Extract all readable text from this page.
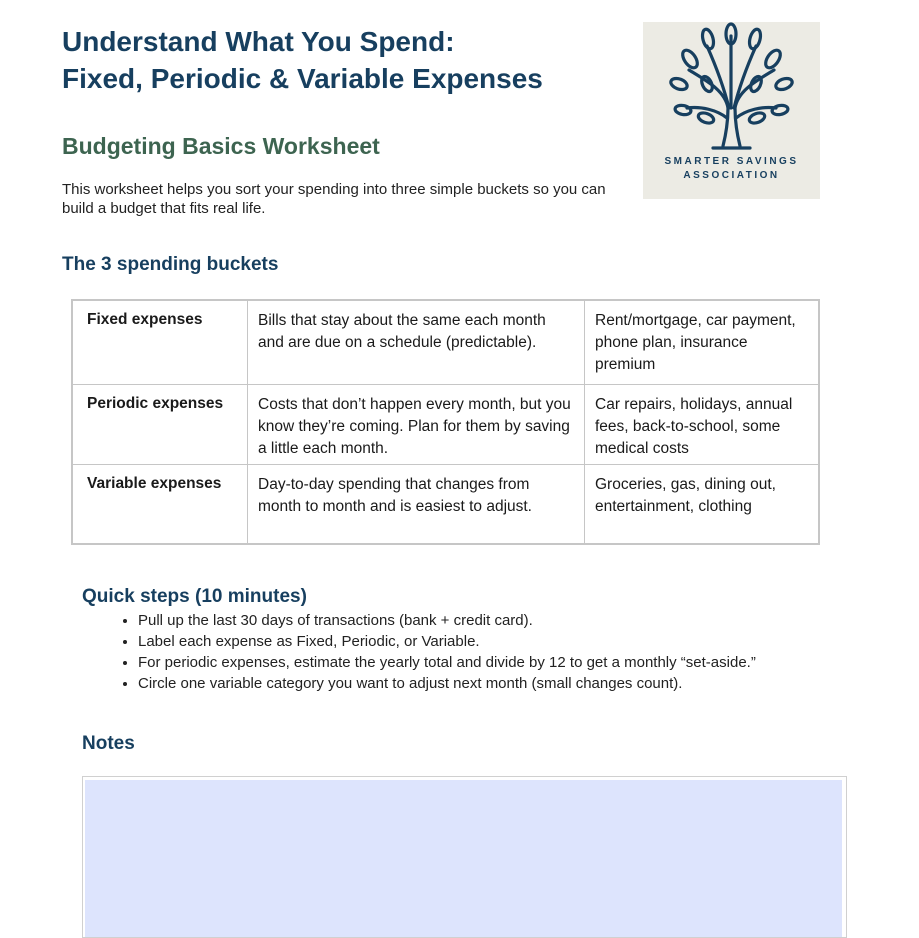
Understand What You Spend:
Fixed, Periodic & Variable Expenses
Budgeting Basics Worksheet

This worksheet helps you sort your spending into three simple buckets so you can build a budget that fits real life.

SMARTER SAVINGS
ASSOCIATION
The 3 spending buckets
Fixed expenses	Bills that stay about the same each month and are due on a schedule (predictable).	Rent/mortgage, car payment, phone plan, insurance premium
Periodic expenses	Costs that don’t happen every month, but you know they’re coming. Plan for them by saving a little each month.	Car repairs, holidays, annual fees, back-to-school, some medical costs
Variable expenses	Day-to-day spending that changes from month to month and is easiest to adjust.	Groceries, gas, dining out, entertainment, clothing
Quick steps (10 minutes)
• Pull up the last 30 days of transactions (bank + credit card).
• Label each expense as Fixed, Periodic, or Variable.
• For periodic expenses, estimate the yearly total and divide by 12 to get a monthly “set-aside.”
• Circle one variable category you want to adjust next month (small changes count).
Notes
